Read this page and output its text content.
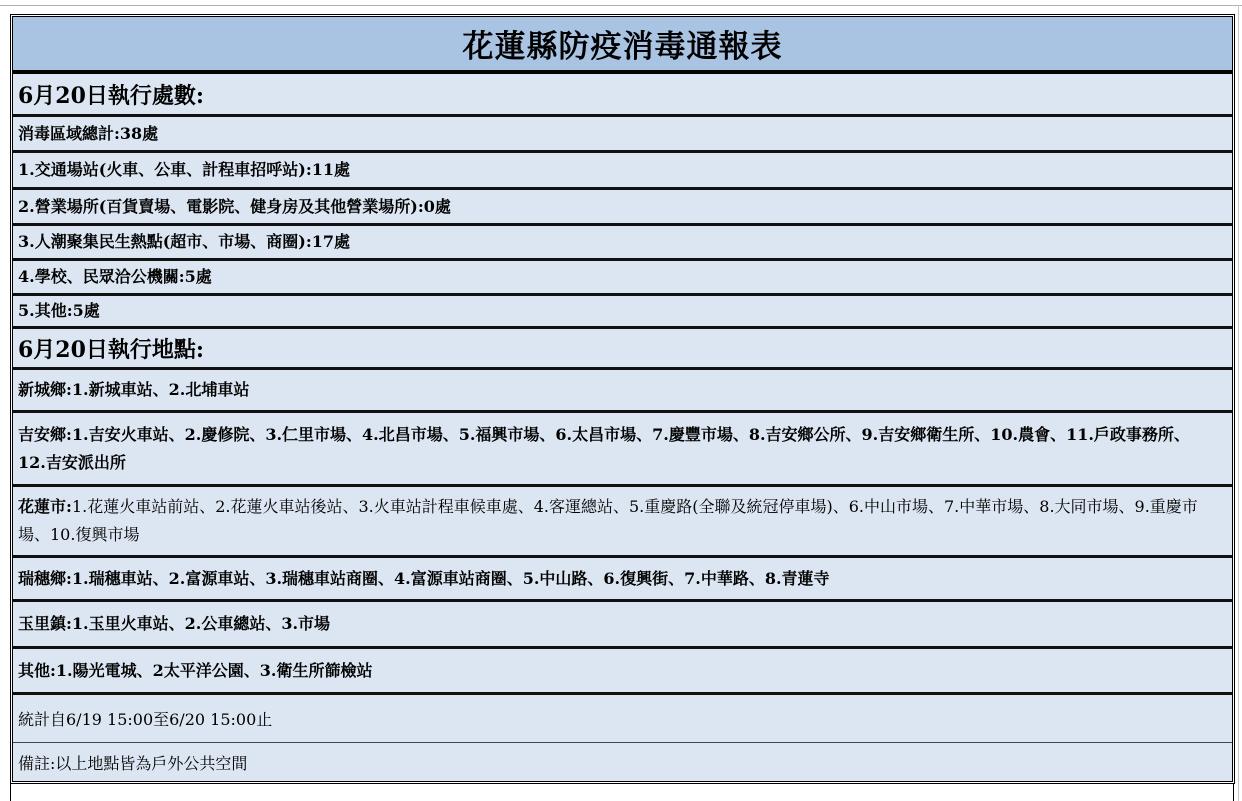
花蓮縣防疫消毒通報表
6月20日執行處數:
消毒區域總計:38處
1.交通場站(火車、公車、計程車招呼站):11處
2.營業場所(百貨賣場、電影院、健身房及其他營業場所):0處
3.人潮聚集民生熱點(超市、市場、商圈):17處
4.學校、民眾洽公機關:5處
5.其他:5處
6月20日執行地點:
新城鄉:1.新城車站、2.北埔車站
吉安鄉:1.吉安火車站、2.慶修院、3.仁里市場、4.北昌市場、5.福興市場、6.太昌市場、7.慶豐市場、8.吉安鄉公所、9.吉安鄉衛生所、10.農會、11.戶政事務所、12.吉安派出所
花蓮市:1.花蓮火車站前站、2.花蓮火車站後站、3.火車站計程車候車處、4.客運總站、5.重慶路(全聯及統冠停車場)、6.中山市場、7.中華市場、8.大同市場、9.重慶市場、10.復興市場
瑞穗鄉:1.瑞穗車站、2.富源車站、3.瑞穗車站商圈、4.富源車站商圈、5.中山路、6.復興街、7.中華路、8.青蓮寺
玉里鎮:1.玉里火車站、2.公車總站、3.市場
其他:1.陽光電城、2太平洋公園、3.衛生所篩檢站
統計自6/19 15:00至6/20 15:00止
備註:以上地點皆為戶外公共空間
